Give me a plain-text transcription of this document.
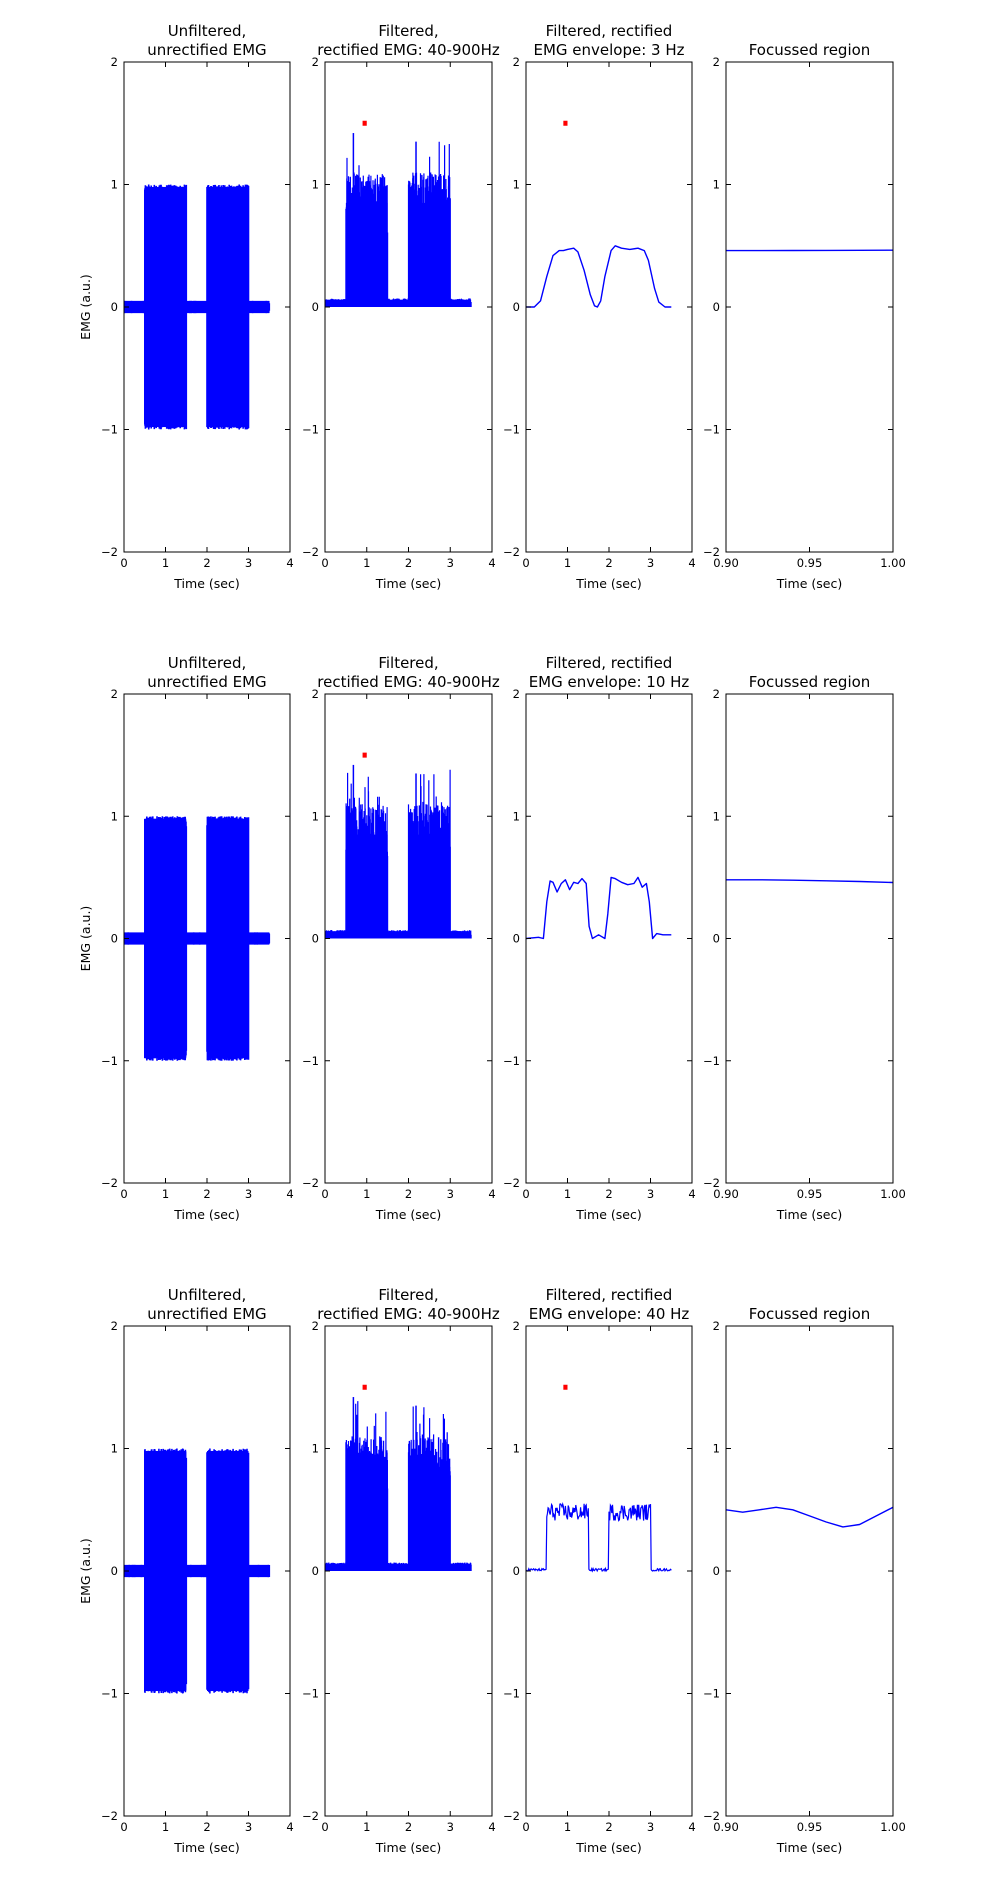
−2
−1
0
1
2
0	1	2	3	4
Unfiltered,
unrectified EMG
Time (sec)
EMG (a.u.)
−2
−1
0
1
2
0	1	2	3	4
Filtered,
rectified EMG: 40-900Hz
Time (sec)
−2
−1
0
1
2
0	1	2	3	4
Filtered, rectified
EMG envelope: 3 Hz
Time (sec)
−2
−1
0
1
2
0.90	0.95	1.00
Focussed region
Time (sec)
−2
−1
0
1
2
0	1	2	3	4
Unfiltered,
unrectified EMG
Time (sec)
EMG (a.u.)
−2
−1
0
1
2
0	1	2	3	4
Filtered,
rectified EMG: 40-900Hz
Time (sec)
−2
−1
0
1
2
0	1	2	3	4
Filtered, rectified
EMG envelope: 10 Hz
Time (sec)
−2
−1
0
1
2
0.90	0.95	1.00
Focussed region
Time (sec)
−2
−1
0
1
2
0	1	2	3	4
Unfiltered,
unrectified EMG
Time (sec)
EMG (a.u.)
−2
−1
0
1
2
0	1	2	3	4
Filtered,
rectified EMG: 40-900Hz
Time (sec)
−2
−1
0
1
2
0	1	2	3	4
Filtered, rectified
EMG envelope: 40 Hz
Time (sec)
−2
−1
0
1
2
0.90	0.95	1.00
Focussed region
Time (sec)
